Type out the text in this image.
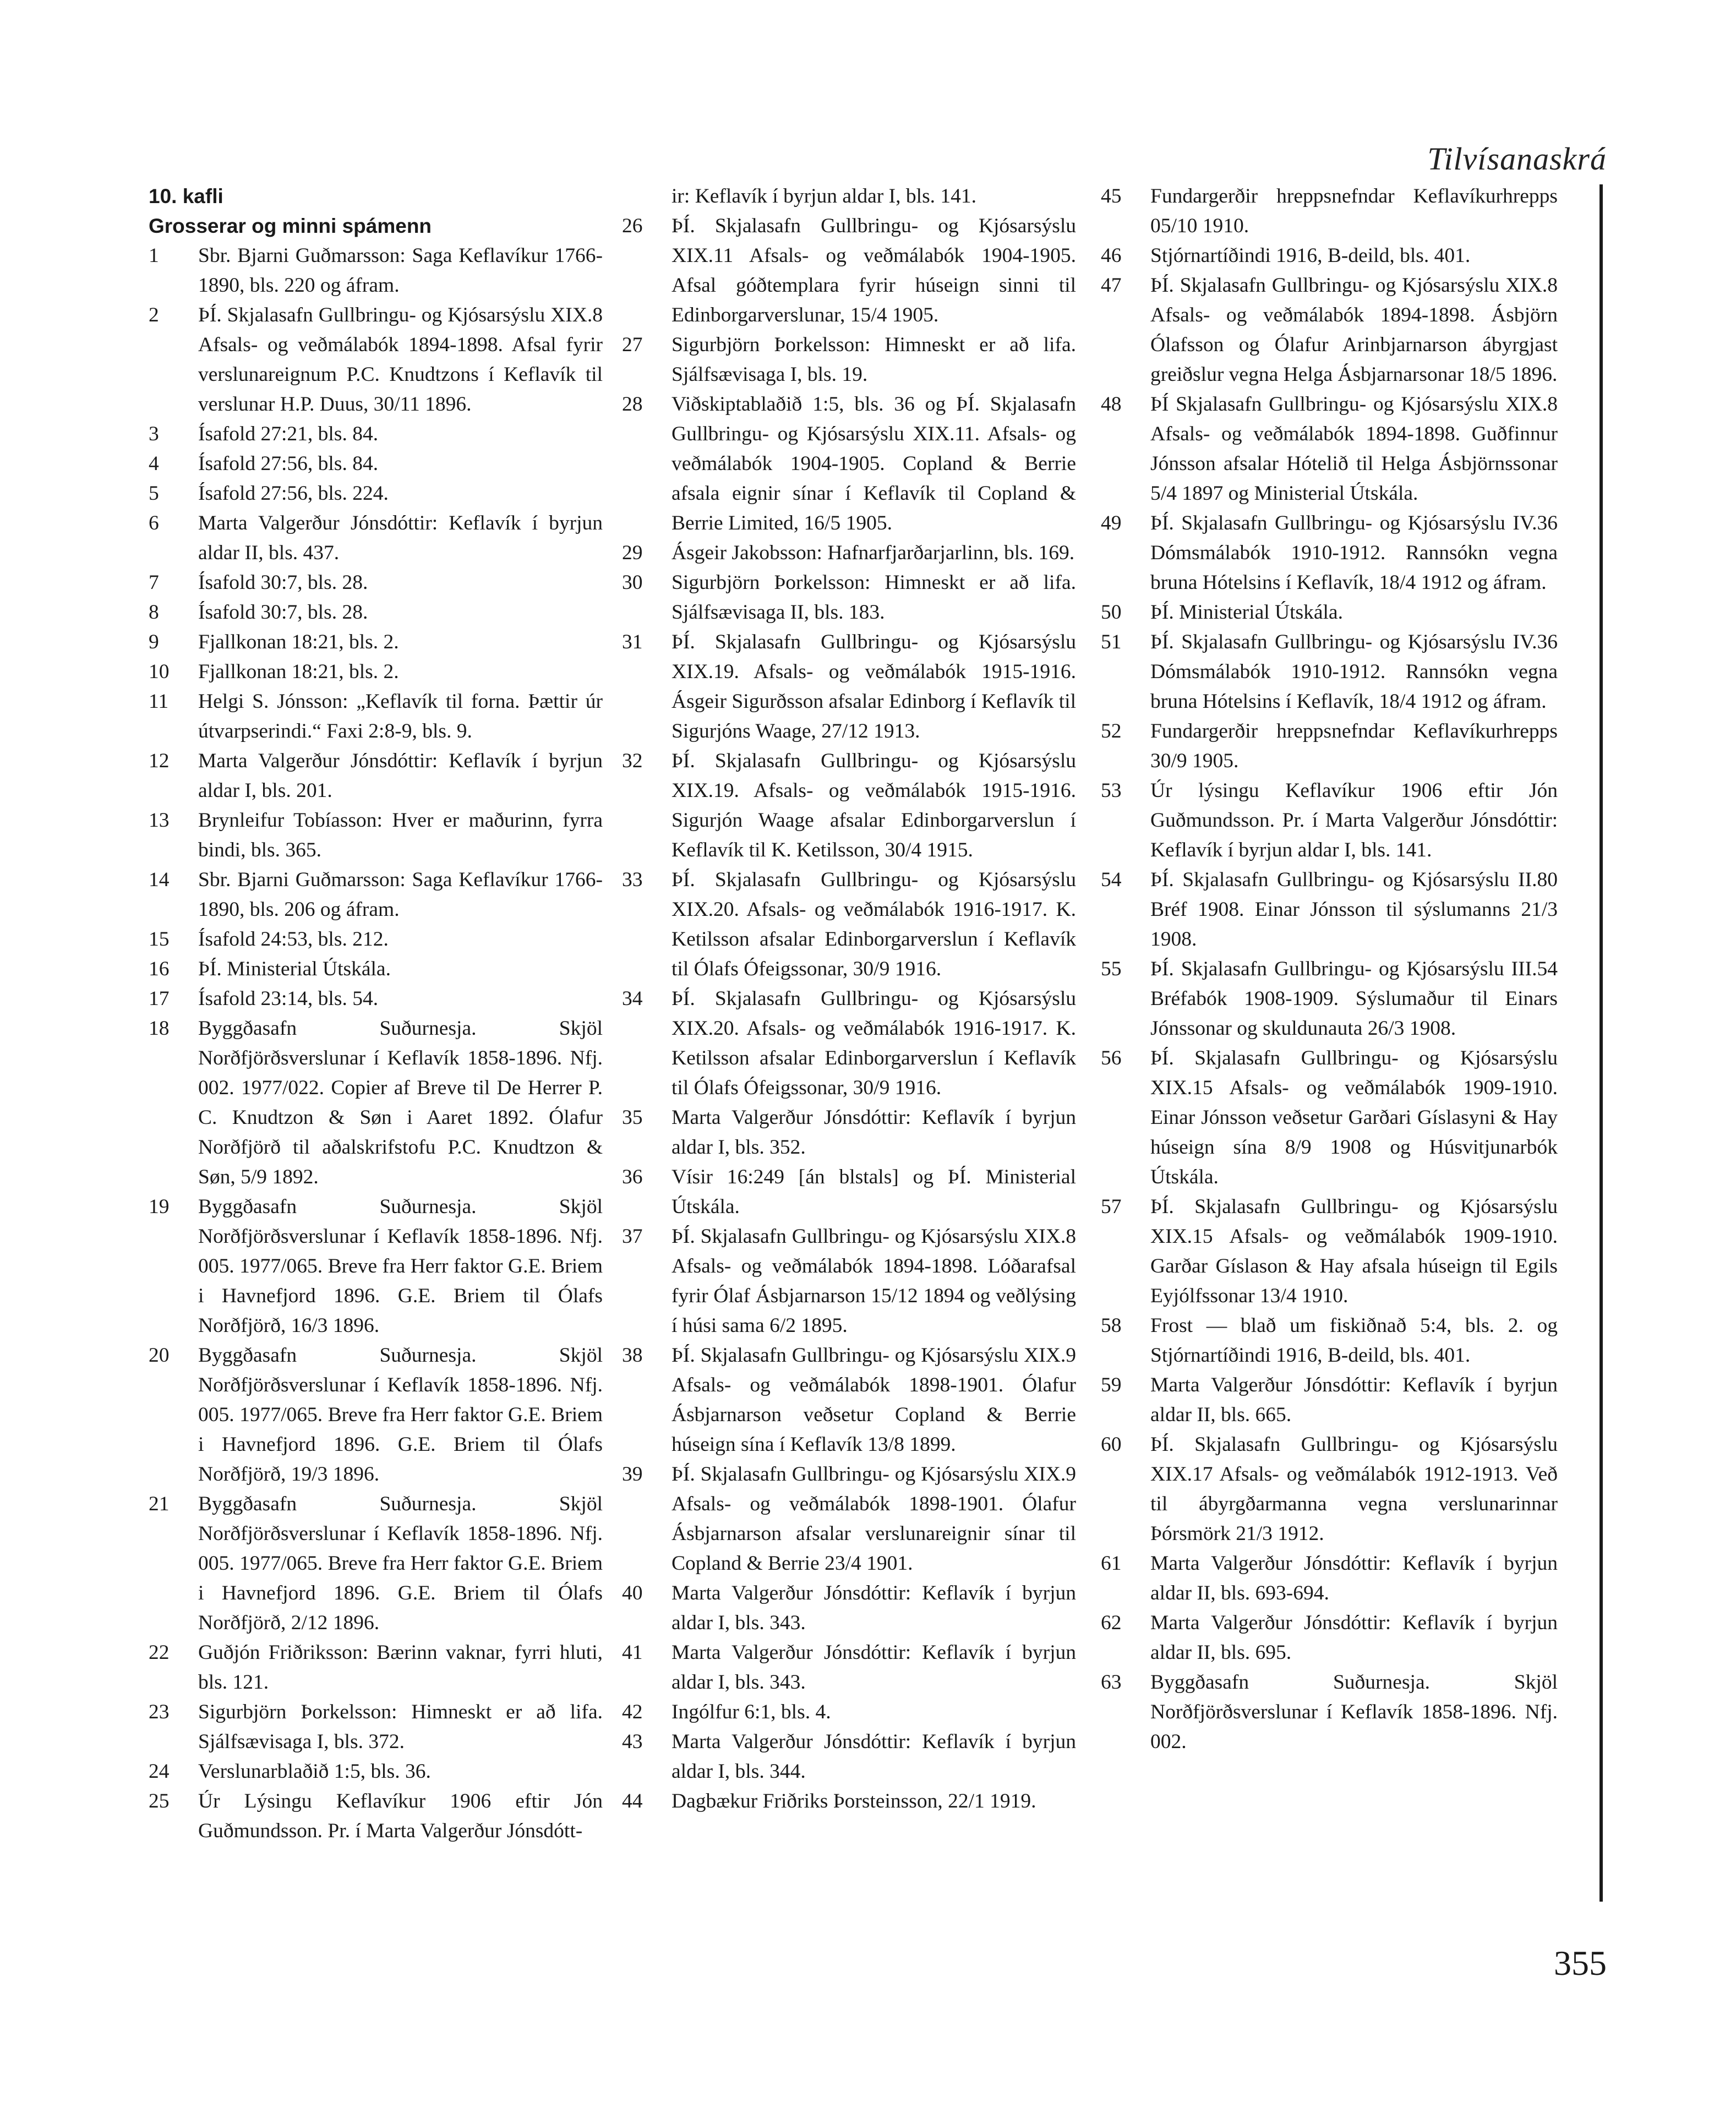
Tilvísanaskrá

10. kafli

Grosserar og minni spámenn

1	Sbr. Bjarni Guðmarsson: Saga Keflavíkur 1766-1890, bls. 220 og áfram.

2	ÞÍ. Skjalasafn Gullbringu- og Kjósarsýslu XIX.8 Afsals- og veðmálabók 1894-1898. Afsal fyrir verslunareignum P.C. Knudtzons í Keflavík til verslunar H.P. Duus, 30/11 1896.

3	Ísafold 27:21, bls. 84.

4	Ísafold 27:56, bls. 84.

5	Ísafold 27:56, bls. 224.

6	Marta Valgerður Jónsdóttir: Keflavík í byrjun aldar II, bls. 437.

7	Ísafold 30:7, bls. 28.

8	Ísafold 30:7, bls. 28.

9	Fjallkonan 18:21, bls. 2.

10	Fjallkonan 18:21, bls. 2.

11	Helgi S. Jónsson: „Keflavík til forna. Þættir úr útvarpserindi.“ Faxi 2:8-9, bls. 9.

12	Marta Valgerður Jónsdóttir: Keflavík í byrjun aldar I, bls. 201.

13	Brynleifur Tobíasson: Hver er maðurinn, fyrra bindi, bls. 365.

14	Sbr. Bjarni Guðmarsson: Saga Keflavíkur 1766-1890, bls. 206 og áfram.

15	Ísafold 24:53, bls. 212.

16	ÞÍ. Ministerial Útskála.

17	Ísafold 23:14, bls. 54.

18	Byggðasafn Suðurnesja. Skjöl Norðfjörðsverslunar í Keflavík 1858-1896. Nfj. 002. 1977/022. Copier af Breve til De Herrer P. C. Knudtzon & Søn i Aaret 1892. Ólafur Norðfjörð til aðalskrifstofu P.C. Knudtzon & Søn, 5/9 1892.

19	Byggðasafn Suðurnesja. Skjöl Norðfjörðsverslunar í Keflavík 1858-1896. Nfj. 005. 1977/065. Breve fra Herr faktor G.E. Briem i Havnefjord 1896. G.E. Briem til Ólafs Norðfjörð, 16/3 1896.

20	Byggðasafn Suðurnesja. Skjöl Norðfjörðsverslunar í Keflavík 1858-1896. Nfj. 005. 1977/065. Breve fra Herr faktor G.E. Briem i Havnefjord 1896. G.E. Briem til Ólafs Norðfjörð, 19/3 1896.

21	Byggðasafn Suðurnesja. Skjöl Norðfjörðsverslunar í Keflavík 1858-1896. Nfj. 005. 1977/065. Breve fra Herr faktor G.E. Briem i Havnefjord 1896. G.E. Briem til Ólafs Norðfjörð, 2/12 1896.

22	Guðjón Friðriksson: Bærinn vaknar, fyrri hluti, bls. 121.

23	Sigurbjörn Þorkelsson: Himneskt er að lifa. Sjálfsævisaga I, bls. 372.

24	Verslunarblaðið 1:5, bls. 36.

25	Úr Lýsingu Keflavíkur 1906 eftir Jón Guðmundsson. Pr. í Marta Valgerður Jónsdótt-

ir: Keflavík í byrjun aldar I, bls. 141.

26	ÞÍ. Skjalasafn Gullbringu- og Kjósarsýslu XIX.11 Afsals- og veðmálabók 1904-1905. Afsal góðtemplara fyrir húseign sinni til Edinborgarverslunar, 15/4 1905.

27	Sigurbjörn Þorkelsson: Himneskt er að lifa. Sjálfsævisaga I, bls. 19.

28	Viðskiptablaðið 1:5, bls. 36 og ÞÍ. Skjalasafn Gullbringu- og Kjósarsýslu XIX.11. Afsals- og veðmálabók 1904-1905. Copland & Berrie afsala eignir sínar í Keflavík til Copland & Berrie Limited, 16/5 1905.

29	Ásgeir Jakobsson: Hafnarfjarðarjarlinn, bls. 169.

30	Sigurbjörn Þorkelsson: Himneskt er að lifa. Sjálfsævisaga II, bls. 183.

31	ÞÍ. Skjalasafn Gullbringu- og Kjósarsýslu XIX.19. Afsals- og veðmálabók 1915-1916. Ásgeir Sigurðsson afsalar Edinborg í Keflavík til Sigurjóns Waage, 27/12 1913.

32	ÞÍ. Skjalasafn Gullbringu- og Kjósarsýslu XIX.19. Afsals- og veðmálabók 1915-1916. Sigurjón Waage afsalar Edinborgarverslun í Keflavík til K. Ketilsson, 30/4 1915.

33	ÞÍ. Skjalasafn Gullbringu- og Kjósarsýslu XIX.20. Afsals- og veðmálabók 1916-1917. K. Ketilsson afsalar Edinborgarverslun í Keflavík til Ólafs Ófeigssonar, 30/9 1916.

34	ÞÍ. Skjalasafn Gullbringu- og Kjósarsýslu XIX.20. Afsals- og veðmálabók 1916-1917. K. Ketilsson afsalar Edinborgarverslun í Keflavík til Ólafs Ófeigssonar, 30/9 1916.

35	Marta Valgerður Jónsdóttir: Keflavík í byrjun aldar I, bls. 352.

36	Vísir 16:249 [án blstals] og ÞÍ. Ministerial Útskála.

37	ÞÍ. Skjalasafn Gullbringu- og Kjósarsýslu XIX.8 Afsals- og veðmálabók 1894-1898. Lóðarafsal fyrir Ólaf Ásbjarnarson 15/12 1894 og veðlýsing í húsi sama 6/2 1895.

38	ÞÍ. Skjalasafn Gullbringu- og Kjósarsýslu XIX.9 Afsals- og veðmálabók 1898-1901. Ólafur Ásbjarnarson veðsetur Copland & Berrie húseign sína í Keflavík 13/8 1899.

39	ÞÍ. Skjalasafn Gullbringu- og Kjósarsýslu XIX.9 Afsals- og veðmálabók 1898-1901. Ólafur Ásbjarnarson afsalar verslunareignir sínar til Copland & Berrie 23/4 1901.

40	Marta Valgerður Jónsdóttir: Keflavík í byrjun aldar I, bls. 343.

41	Marta Valgerður Jónsdóttir: Keflavík í byrjun aldar I, bls. 343.

42	Ingólfur 6:1, bls. 4.

43	Marta Valgerður Jónsdóttir: Keflavík í byrjun aldar I, bls. 344.

44	Dagbækur Friðriks Þorsteinsson, 22/1 1919.

45	Fundargerðir hreppsnefndar Keflavíkurhrepps 05/10 1910.

46	Stjórnartíðindi 1916, B-deild, bls. 401.

47	ÞÍ. Skjalasafn Gullbringu- og Kjósarsýslu XIX.8 Afsals- og veðmálabók 1894-1898. Ásbjörn Ólafsson og Ólafur Arinbjarnarson ábyrgjast greiðslur vegna Helga Ásbjarnarsonar 18/5 1896.

48	ÞÍ Skjalasafn Gullbringu- og Kjósarsýslu XIX.8 Afsals- og veðmálabók 1894-1898. Guðfinnur Jónsson afsalar Hótelið til Helga Ásbjörnssonar 5/4 1897 og Ministerial Útskála.

49	ÞÍ. Skjalasafn Gullbringu- og Kjósarsýslu IV.36 Dómsmálabók 1910-1912. Rannsókn vegna bruna Hótelsins í Keflavík, 18/4 1912 og áfram.

50	ÞÍ. Ministerial Útskála.

51	ÞÍ. Skjalasafn Gullbringu- og Kjósarsýslu IV.36 Dómsmálabók 1910-1912. Rannsókn vegna bruna Hótelsins í Keflavík, 18/4 1912 og áfram.

52	Fundargerðir hreppsnefndar Keflavíkurhrepps 30/9 1905.

53	Úr lýsingu Keflavíkur 1906 eftir Jón Guðmundsson. Pr. í Marta Valgerður Jónsdóttir: Keflavík í byrjun aldar I, bls. 141.

54	ÞÍ. Skjalasafn Gullbringu- og Kjósarsýslu II.80 Bréf 1908. Einar Jónsson til sýslumanns 21/3 1908.

55	ÞÍ. Skjalasafn Gullbringu- og Kjósarsýslu III.54 Bréfabók 1908-1909. Sýslumaður til Einars Jónssonar og skuldunauta 26/3 1908.

56	ÞÍ. Skjalasafn Gullbringu- og Kjósarsýslu XIX.15 Afsals- og veðmálabók 1909-1910. Einar Jónsson veðsetur Garðari Gíslasyni & Hay húseign sína 8/9 1908 og Húsvitjunarbók Útskála.

57	ÞÍ. Skjalasafn Gullbringu- og Kjósarsýslu XIX.15 Afsals- og veðmálabók 1909-1910. Garðar Gíslason & Hay afsala húseign til Egils Eyjólfssonar 13/4 1910.

58	Frost — blað um fiskiðnað 5:4, bls. 2. og Stjórnartíðindi 1916, B-deild, bls. 401.

59	Marta Valgerður Jónsdóttir: Keflavík í byrjun aldar II, bls. 665.

60	ÞÍ. Skjalasafn Gullbringu- og Kjósarsýslu XIX.17 Afsals- og veðmálabók 1912-1913. Veð til ábyrgðarmanna vegna verslunarinnar Þórsmörk 21/3 1912.

61	Marta Valgerður Jónsdóttir: Keflavík í byrjun aldar II, bls. 693-694.

62	Marta Valgerður Jónsdóttir: Keflavík í byrjun aldar II, bls. 695.

63	Byggðasafn Suðurnesja. Skjöl Norðfjörðsverslunar í Keflavík 1858-1896. Nfj. 002.

355
